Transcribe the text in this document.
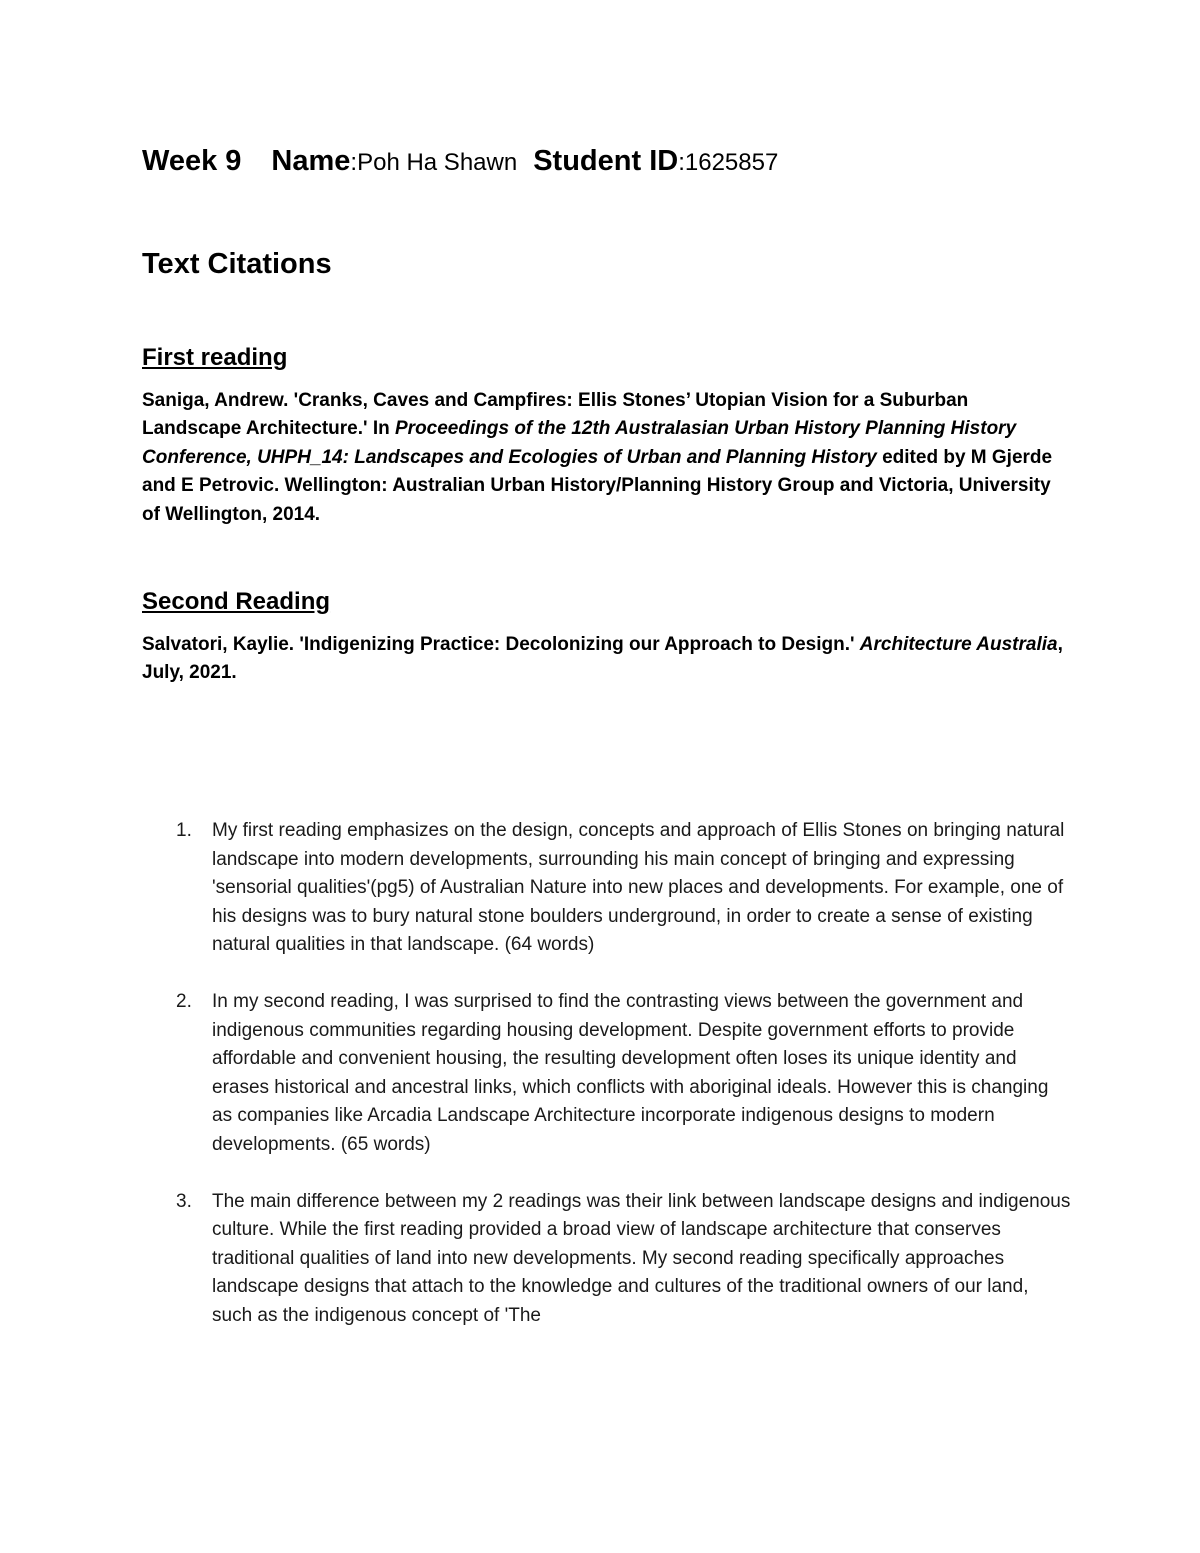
Week 9 Name:Poh Ha Shawn Student ID:1625857
Text Citations
First reading

Saniga, Andrew. 'Cranks, Caves and Campfires: Ellis Stones’ Utopian Vision for a Suburban Landscape Architecture.' In Proceedings of the 12th Australasian Urban History Planning History Conference, UHPH_14: Landscapes and Ecologies of Urban and Planning History edited by M Gjerde and E Petrovic. Wellington: Australian Urban History/Planning History Group and Victoria, University of Wellington, 2014.

Second Reading

Salvatori, Kaylie. 'Indigenizing Practice: Decolonizing our Approach to Design.' Architecture Australia, July, 2021.

1. My first reading emphasizes on the design, concepts and approach of Ellis Stones on bringing natural landscape into modern developments, surrounding his main concept of bringing and expressing 'sensorial qualities'(pg5) of Australian Nature into new places and developments. For example, one of his designs was to bury natural stone boulders underground, in order to create a sense of existing natural qualities in that landscape. (64 words)
2. In my second reading, I was surprised to find the contrasting views between the government and indigenous communities regarding housing development. Despite government efforts to provide affordable and convenient housing, the resulting development often loses its unique identity and erases historical and ancestral links, which conflicts with aboriginal ideals. However this is changing as companies like Arcadia Landscape Architecture incorporate indigenous designs to modern developments. (65 words)
3. The main difference between my 2 readings was their link between landscape designs and indigenous culture. While the first reading provided a broad view of landscape architecture that conserves traditional qualities of land into new developments. My second reading specifically approaches landscape designs that attach to the knowledge and cultures of the traditional owners of our land, such as the indigenous concept of 'The
